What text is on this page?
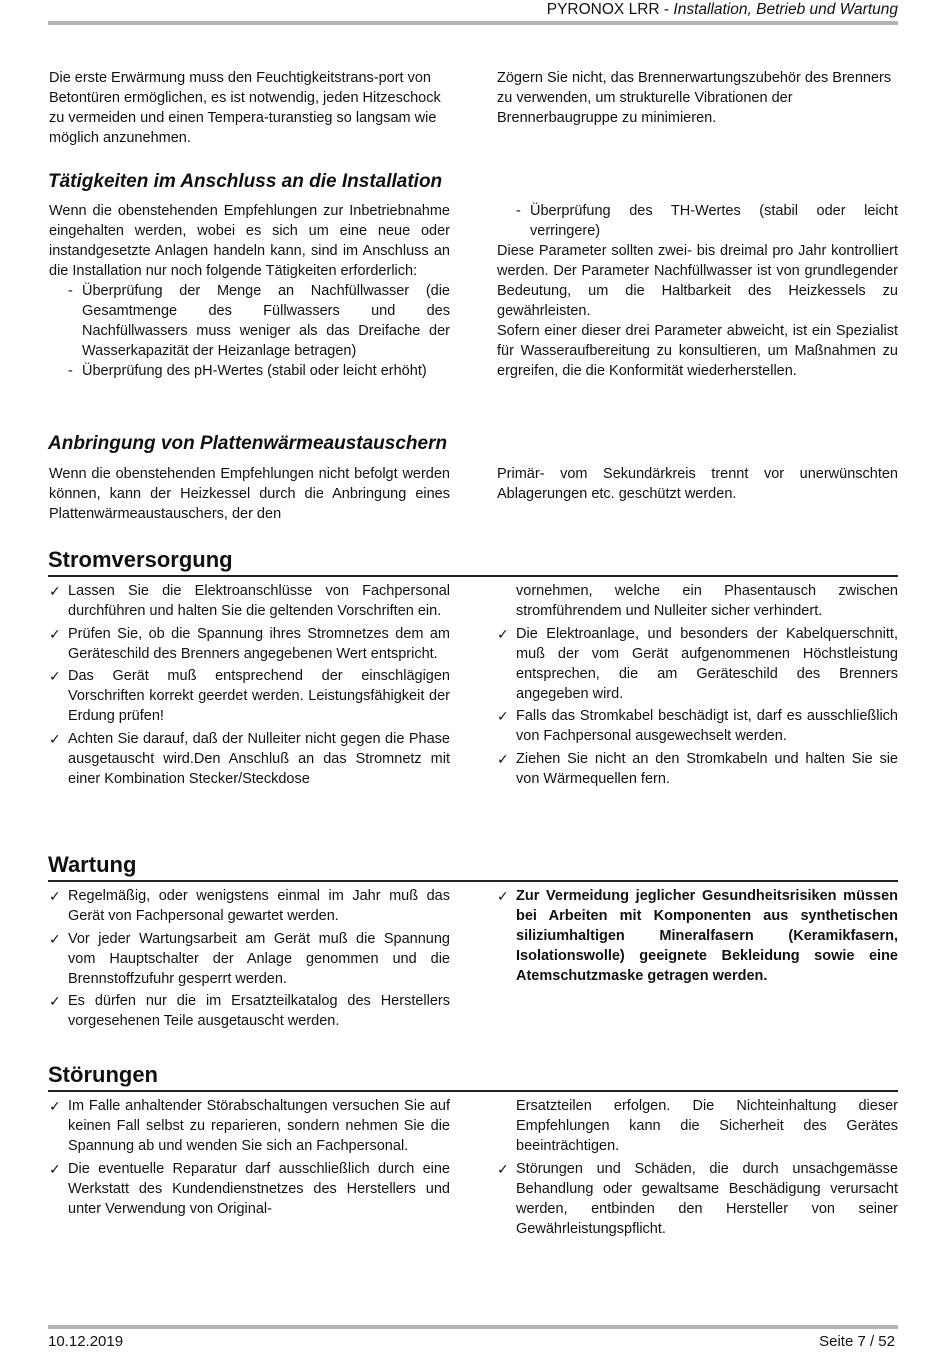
PYRONOX LRR - Installation, Betrieb und Wartung

Die erste Erwärmung muss den Feuchtigkeitstrans-port von Betontüren ermöglichen, es ist notwendig, jeden Hitzeschock zu vermeiden und einen Tempera-turanstieg so langsam wie möglich anzunehmen.

Zögern Sie nicht, das Brennerwartungszubehör des Brenners zu verwenden, um strukturelle Vibrationen der Brennerbaugruppe zu minimieren.

Tätigkeiten im Anschluss an die Installation

Wenn die obenstehenden Empfehlungen zur Inbetriebnahme eingehalten werden, wobei es sich um eine neue oder instandgesetzte Anlagen handeln kann, sind im Anschluss an die Installation nur noch folgende Tätigkeiten erforderlich:

- Überprüfung der Menge an Nachfüllwasser (die Gesamtmenge des Füllwassers und des Nachfüllwassers muss weniger als das Dreifache der Wasserkapazität der Heizanlage betragen)
- Überprüfung des pH-Wertes (stabil oder leicht erhöht)
- Überprüfung des TH-Wertes (stabil oder leicht verringere)

Diese Parameter sollten zwei- bis dreimal pro Jahr kontrolliert werden. Der Parameter Nachfüllwasser ist von grundlegender Bedeutung, um die Haltbarkeit des Heizkessels zu gewährleisten.

Sofern einer dieser drei Parameter abweicht, ist ein Spezialist für Wasseraufbereitung zu konsultieren, um Maßnahmen zu ergreifen, die die Konformität wiederherstellen.

Anbringung von Plattenwärmeaustauschern

Wenn die obenstehenden Empfehlungen nicht befolgt werden können, kann der Heizkessel durch die Anbringung eines Plattenwärmeaustauschers, der den

Primär- vom Sekundärkreis trennt vor unerwünschten Ablagerungen etc. geschützt werden.

Stromversorgung
✓ Lassen Sie die Elektroanschlüsse von Fachpersonal durchführen und halten Sie die geltenden Vorschriften ein.
✓ Prüfen Sie, ob die Spannung ihres Stromnetzes dem am Geräteschild des Brenners angegebenen Wert entspricht.
✓ Das Gerät muß entsprechend der einschlägigen Vorschriften korrekt geerdet werden. Leistungsfähigkeit der Erdung prüfen!
✓ Achten Sie darauf, daß der Nulleiter nicht gegen die Phase ausgetauscht wird.Den Anschluß an das Stromnetz mit einer Kombination Stecker/Steckdose

vornehmen, welche ein Phasentausch zwischen stromführendem und Nulleiter sicher verhindert.

✓ Die Elektroanlage, und besonders der Kabelquerschnitt, muß der vom Gerät aufgenommenen Höchstleistung entsprechen, die am Geräteschild des Brenners angegeben wird.
✓ Falls das Stromkabel beschädigt ist, darf es ausschließlich von Fachpersonal ausgewechselt werden.
✓ Ziehen Sie nicht an den Stromkabeln und halten Sie sie von Wärmequellen fern.
Wartung
✓ Regelmäßig, oder wenigstens einmal im Jahr muß das Gerät von Fachpersonal gewartet werden.
✓ Vor jeder Wartungsarbeit am Gerät muß die Spannung vom Hauptschalter der Anlage genommen und die Brennstoffzufuhr gesperrt werden.
✓ Es dürfen nur die im Ersatzteilkatalog des Herstellers vorgesehenen Teile ausgetauscht werden.
✓ Zur Vermeidung jeglicher Gesundheitsrisiken müssen bei Arbeiten mit Komponenten aus synthetischen siliziumhaltigen Mineralfasern (Keramikfasern, Isolationswolle) geeignete Bekleidung sowie eine Atemschutzmaske getragen werden.
Störungen
✓ Im Falle anhaltender Störabschaltungen versuchen Sie auf keinen Fall selbst zu reparieren, sondern nehmen Sie die Spannung ab und wenden Sie sich an Fachpersonal.
✓ Die eventuelle Reparatur darf ausschließlich durch eine Werkstatt des Kundendienstnetzes des Herstellers und unter Verwendung von Original-

Ersatzteilen erfolgen. Die Nichteinhaltung dieser Empfehlungen kann die Sicherheit des Gerätes beeinträchtigen.

✓ Störungen und Schäden, die durch unsachgemässe Behandlung oder gewaltsame Beschädigung verursacht werden, entbinden den Hersteller von seiner Gewährleistungspflicht.
10.12.2019	Seite 7 / 52
